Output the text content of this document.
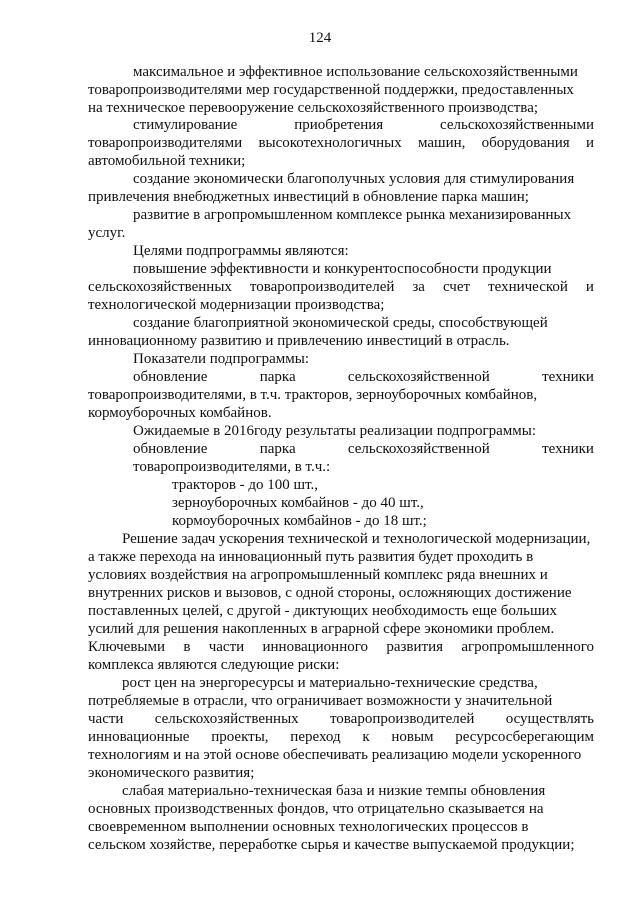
124
максимальное и эффективное использование сельскохозяйственными
товаропроизводителями мер государственной поддержки, предоставленных
на техническое перевооружение сельскохозяйственного производства;
стимулирование	приобретения	сельскохозяйственными
товаропроизводителями высокотехнологичных машин, оборудования и
автомобильной техники;
создание экономически благополучных условия для стимулирования
привлечения внебюджетных инвестиций в обновление парка машин;
развитие в агропромышленном комплексе рынка механизированных
услуг.
Целями подпрограммы являются:
повышение эффективности и конкурентоспособности продукции
сельскохозяйственных товаропроизводителей за счет технической и
технологической модернизации производства;
создание благоприятной экономической среды, способствующей
инновационному развитию и привлечению инвестиций в отрасль.
Показатели подпрограммы:
обновление	парка	сельскохозяйственной	техники
товаропроизводителями, в т.ч. тракторов, зерноуборочных комбайнов,
кормоуборочных комбайнов.
Ожидаемые в 2016году результаты реализации подпрограммы:
обновление	парка	сельскохозяйственной	техники
товаропроизводителями, в т.ч.:
тракторов - до 100 шт.,
зерноуборочных комбайнов - до 40 шт.,
кормоуборочных комбайнов - до 18 шт.;
Решение задач ускорения технической и технологической модернизации,
а также перехода на инновационный путь развития будет проходить в
условиях воздействия на агропромышленный комплекс ряда внешних и
внутренних рисков и вызовов, с одной стороны, осложняющих достижение
поставленных целей, с другой - диктующих необходимость еще больших
усилий для решения накопленных в аграрной сфере экономики проблем.
Ключевыми в части инновационного развития агропромышленного
комплекса являются следующие риски:
рост цен на энергоресурсы и материально-технические средства,
потребляемые в отрасли, что ограничивает возможности у значительной
части сельскохозяйственных товаропроизводителей осуществлять
инновационные проекты, переход к новым ресурсосберегающим
технологиям и на этой основе обеспечивать реализацию модели ускоренного
экономического развития;
слабая материально-техническая база и низкие темпы обновления
основных производственных фондов, что отрицательно сказывается на
своевременном выполнении основных технологических процессов в
сельском хозяйстве, переработке сырья и качестве выпускаемой продукции;
